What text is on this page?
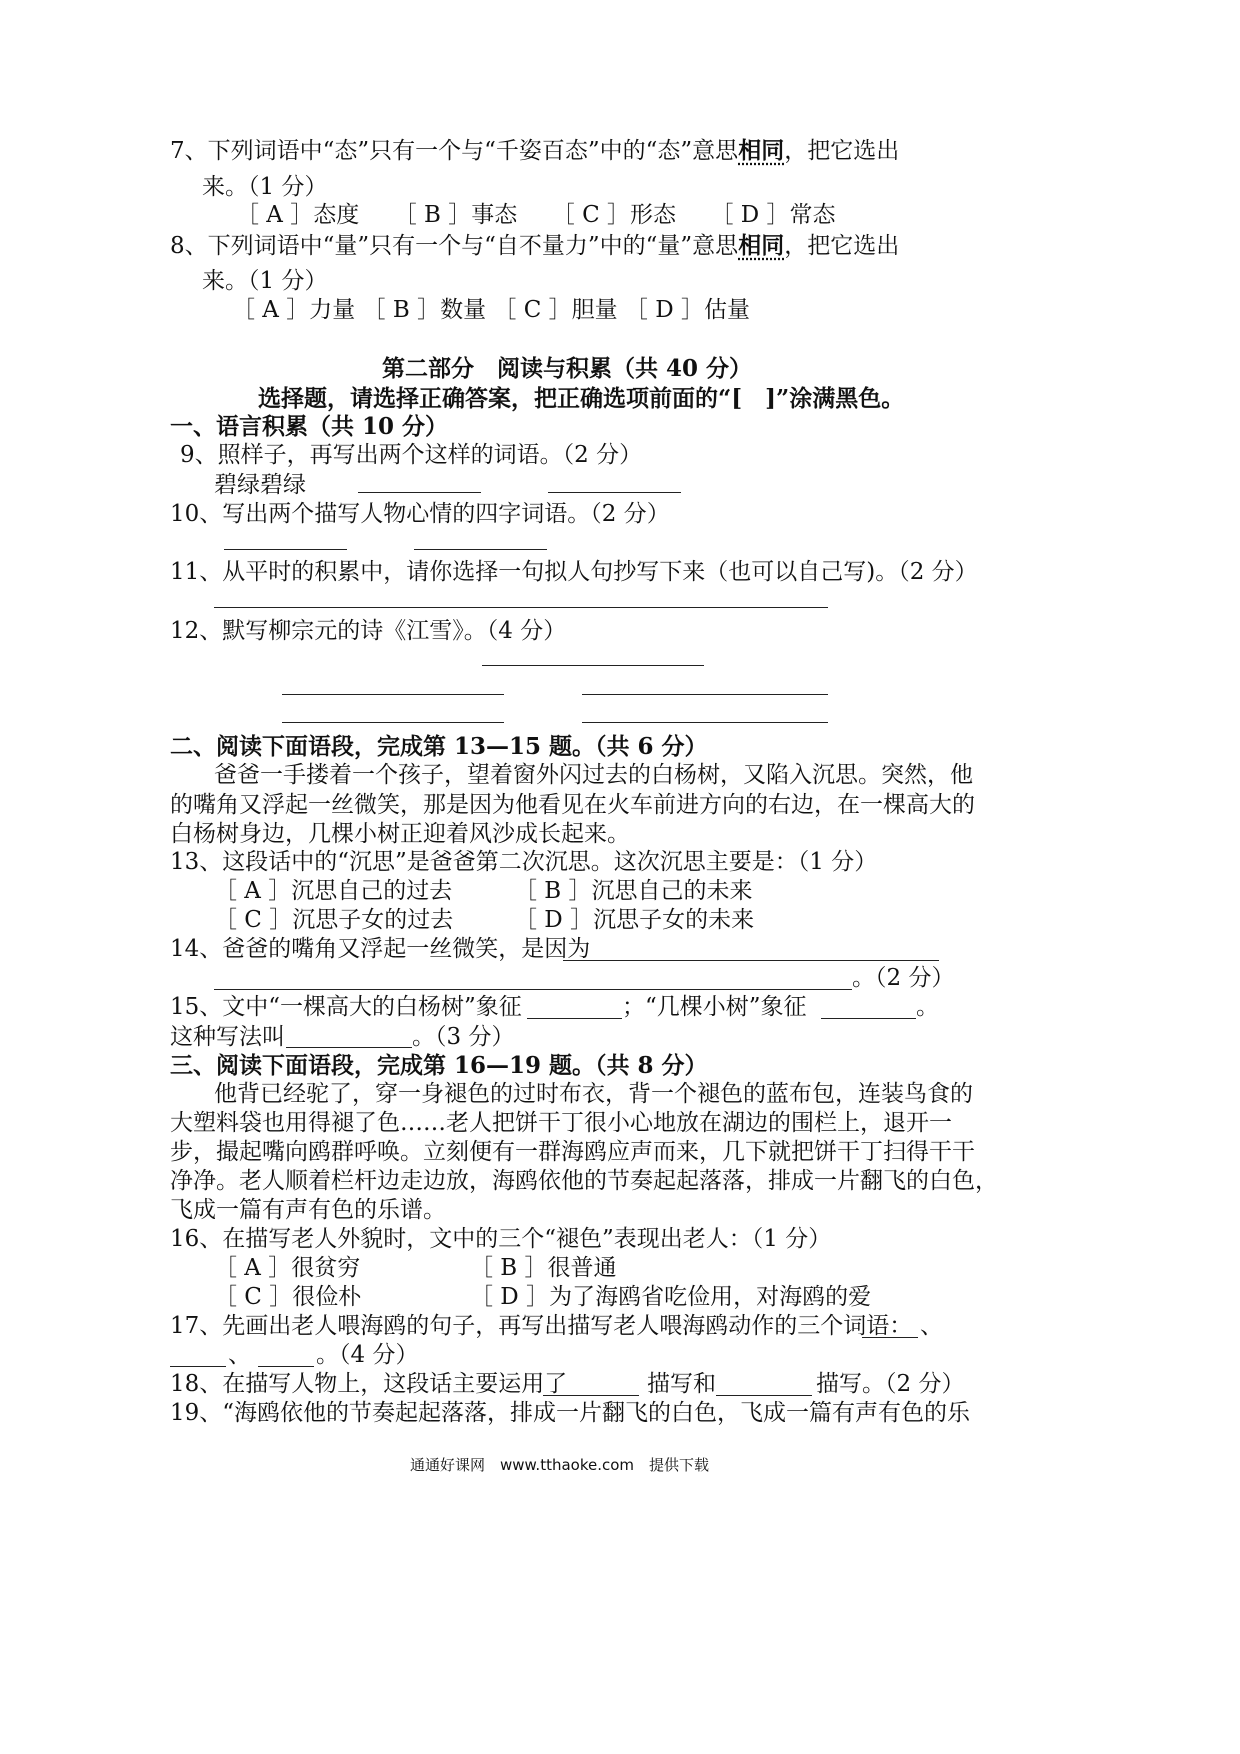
7、下列词语中“态”只有一个与“千姿百态”中的“态”意思相同，把它选出
来。（1 分）
［ A ］态度　　［ B ］事态　　［ C ］形态　　［ D ］常态
8、下列词语中“量”只有一个与“自不量力”中的“量”意思相同，把它选出
来。（1 分）
［ A ］力量 ［ B ］数量 ［ C ］胆量 ［ D ］估量
第二部分　阅读与积累（共 40 分）
选择题，请选择正确答案，把正确选项前面的“[　]”涂满黑色。
一、语言积累（共 10 分）
9、照样子，再写出两个这样的词语。（2 分）
碧绿碧绿
10、写出两个描写人物心情的四字词语。（2 分）
11、从平时的积累中，请你选择一句拟人句抄写下来（也可以自己写)。（2 分）
12、默写柳宗元的诗《江雪》。（4 分）
二、阅读下面语段，完成第 13—15 题。（共 6 分）
爸爸一手搂着一个孩子，望着窗外闪过去的白杨树，又陷入沉思。突然，他
的嘴角又浮起一丝微笑，那是因为他看见在火车前进方向的右边，在一棵高大的
白杨树身边，几棵小树正迎着风沙成长起来。
13、这段话中的“沉思”是爸爸第二次沉思。这次沉思主要是：（1 分）
［ A ］沉思自己的过去	［ B ］沉思自己的未来
［ C ］沉思子女的过去	［ D ］沉思子女的未来
14、爸爸的嘴角又浮起一丝微笑，是因为
。（2 分）
15、文中“一棵高大的白杨树”象征	；“几棵小树”象征	。
这种写法叫	。（3 分）
三、阅读下面语段，完成第 16—19 题。（共 8 分）
他背已经驼了，穿一身褪色的过时布衣，背一个褪色的蓝布包，连装鸟食的
大塑料袋也用得褪了色……老人把饼干丁很小心地放在湖边的围栏上，退开一
步，撮起嘴向鸥群呼唤。立刻便有一群海鸥应声而来，几下就把饼干丁扫得干干
净净。老人顺着栏杆边走边放，海鸥依他的节奏起起落落，排成一片翻飞的白色，
飞成一篇有声有色的乐谱。
16、在描写老人外貌时，文中的三个“褪色”表现出老人：（1 分）
［ A ］很贫穷	［ B ］很普通
［ C ］很俭朴	［ D ］为了海鸥省吃俭用，对海鸥的爱
17、先画出老人喂海鸥的句子，再写出描写老人喂海鸥动作的三个词语： 、
、	。（4 分）
18、在描写人物上，这段话主要运用了	描写和	描写。（2 分）
19、“海鸥依他的节奏起起落落，排成一片翻飞的白色，飞成一篇有声有色的乐
通通好课网　www.tthaoke.com　提供下载
